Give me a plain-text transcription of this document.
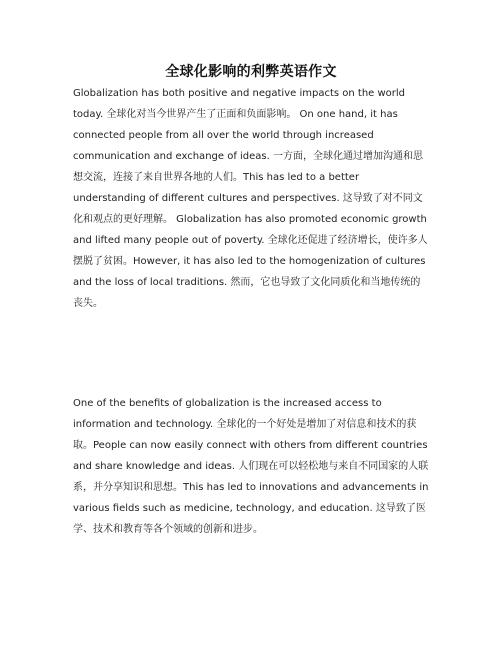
全球化影响的利弊英语作文

Globalization has both positive and negative impacts on the world today. 全球化对当今世界产生了正面和负面影响。 On one hand, it has connected people from all over the world through increased communication and exchange of ideas. 一方面，全球化通过增加沟通和思想交流，连接了来自世界各地的人们。This has led to a better understanding of different cultures and perspectives. 这导致了对不同文化和观点的更好理解。 Globalization has also promoted economic growth and lifted many people out of poverty. 全球化还促进了经济增长，使许多人摆脱了贫困。However, it has also led to the homogenization of cultures and the loss of local traditions. 然而，它也导致了文化同质化和当地传统的丧失。

One of the benefits of globalization is the increased access to information and technology. 全球化的一个好处是增加了对信息和技术的获取。People can now easily connect with others from different countries and share knowledge and ideas. 人们现在可以轻松地与来自不同国家的人联系，并分享知识和思想。This has led to innovations and advancements in various fields such as medicine, technology, and education. 这导致了医学、技术和教育等各个领域的创新和进步。
